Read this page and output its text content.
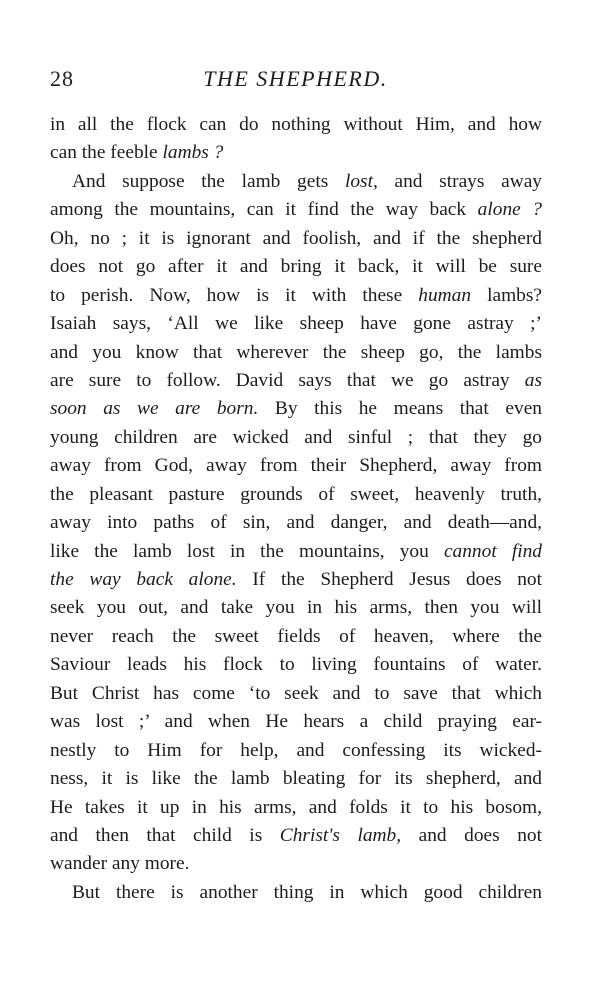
28	THE SHEPHERD.
in all the flock can do nothing without Him, and how
can the feeble lambs ?
And suppose the lamb gets lost, and strays away
among the mountains, can it find the way back alone ?
Oh, no ; it is ignorant and foolish, and if the shepherd
does not go after it and bring it back, it will be sure
to perish. Now, how is it with these human lambs?
Isaiah says, ‘All we like sheep have gone astray ;’
and you know that wherever the sheep go, the lambs
are sure to follow. David says that we go astray as
soon as we are born. By this he means that even
young children are wicked and sinful ; that they go
away from God, away from their Shepherd, away from
the pleasant pasture grounds of sweet, heavenly truth,
away into paths of sin, and danger, and death—and,
like the lamb lost in the mountains, you cannot find
the way back alone. If the Shepherd Jesus does not
seek you out, and take you in his arms, then you will
never reach the sweet fields of heaven, where the
Saviour leads his flock to living fountains of water.
But Christ has come ‘to seek and to save that which
was lost ;’ and when He hears a child praying ear-
nestly to Him for help, and confessing its wicked-
ness, it is like the lamb bleating for its shepherd, and
He takes it up in his arms, and folds it to his bosom,
and then that child is Christ's lamb, and does not
wander any more.
But there is another thing in which good children
